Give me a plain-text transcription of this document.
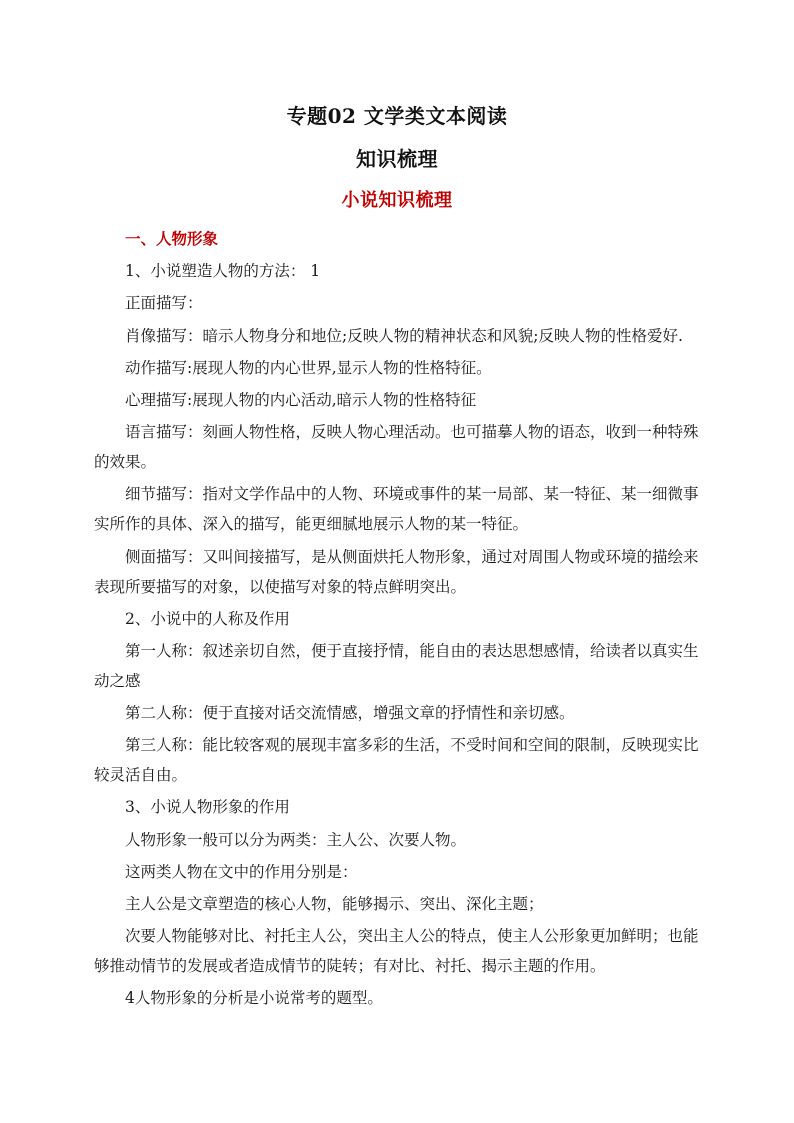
专题02 文学类文本阅读
知识梳理
小说知识梳理

一、人物形象

1、小说塑造人物的方法： 1

正面描写：

肖像描写：暗示人物身分和地位;反映人物的精神状态和风貌;反映人物的性格爱好.

动作描写:展现人物的内心世界,显示人物的性格特征。

心理描写:展现人物的内心活动,暗示人物的性格特征

语言描写：刻画人物性格，反映人物心理活动。也可描摹人物的语态，收到一种特殊的效果。

细节描写：指对文学作品中的人物、环境或事件的某一局部、某一特征、某一细微事实所作的具体、深入的描写，能更细腻地展示人物的某一特征。

侧面描写：又叫间接描写，是从侧面烘托人物形象，通过对周围人物或环境的描绘来表现所要描写的对象，以使描写对象的特点鲜明突出。

2、小说中的人称及作用

第一人称：叙述亲切自然，便于直接抒情，能自由的表达思想感情，给读者以真实生动之感

第二人称：便于直接对话交流情感，增强文章的抒情性和亲切感。

第三人称：能比较客观的展现丰富多彩的生活，不受时间和空间的限制，反映现实比较灵活自由。

3、小说人物形象的作用

人物形象一般可以分为两类：主人公、次要人物。

这两类人物在文中的作用分别是：

主人公是文章塑造的核心人物，能够揭示、突出、深化主题；

次要人物能够对比、衬托主人公，突出主人公的特点，使主人公形象更加鲜明；也能够推动情节的发展或者造成情节的陡转；有对比、衬托、揭示主题的作用。

4人物形象的分析是小说常考的题型。
